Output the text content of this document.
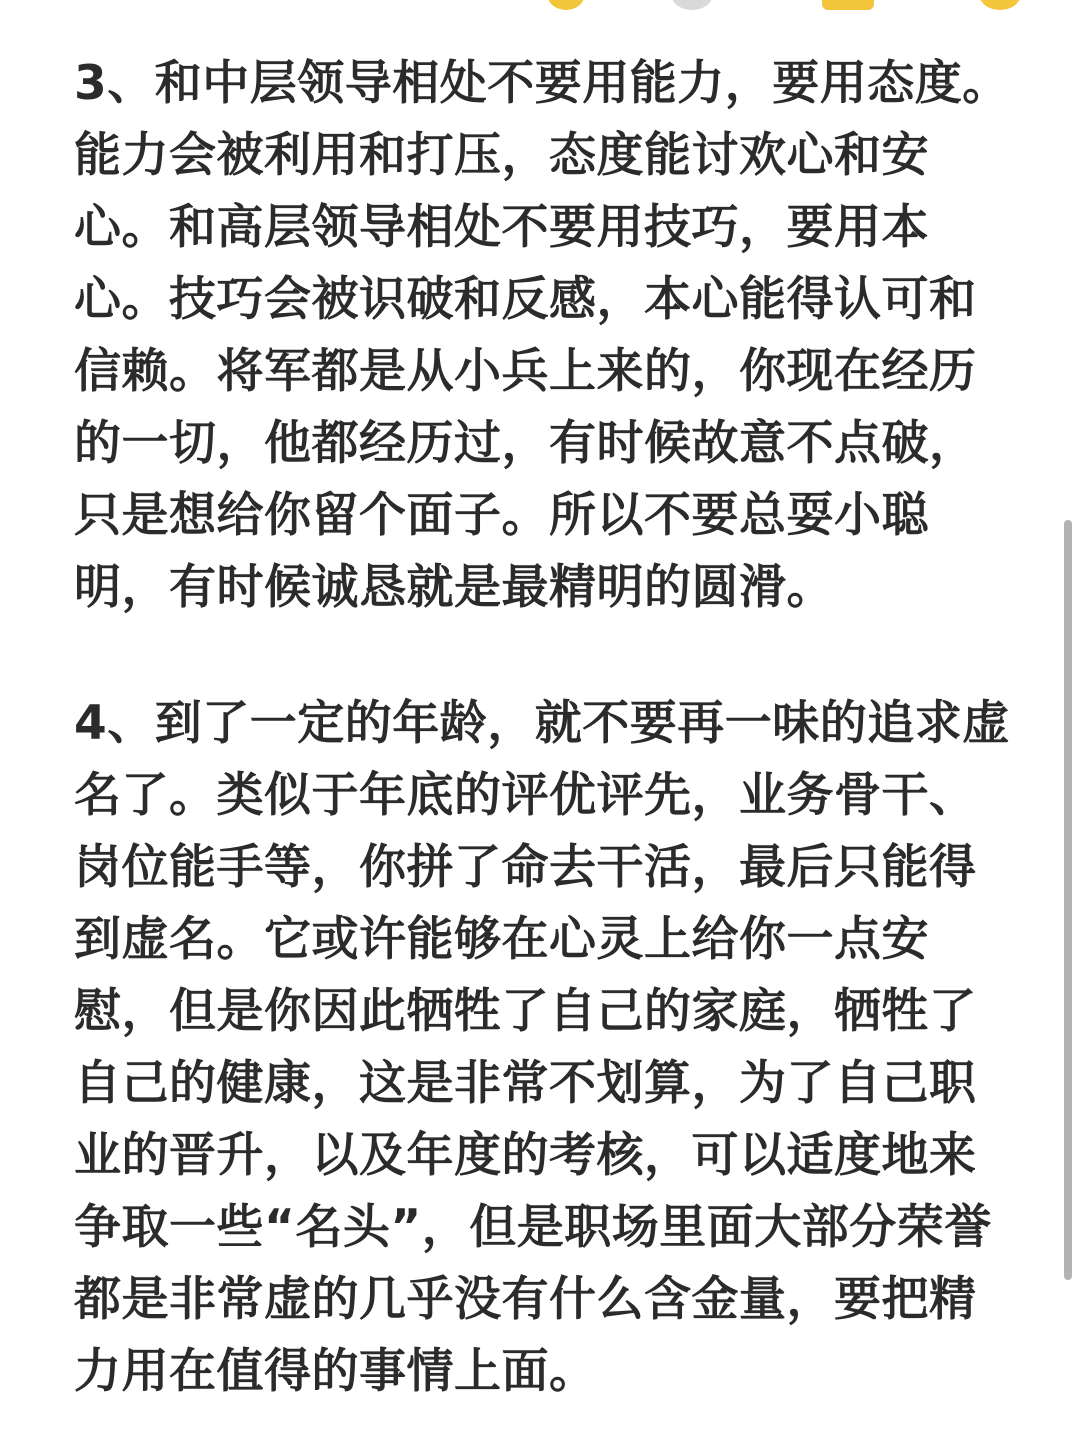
3、和中层领导相处不要用能力，要用态度。
能力会被利用和打压，态度能讨欢心和安
心。和高层领导相处不要用技巧，要用本
心。技巧会被识破和反感，本心能得认可和
信赖。将军都是从小兵上来的，你现在经历
的一切，他都经历过，有时候故意不点破，
只是想给你留个面子。所以不要总耍小聪
明，有时候诚恳就是最精明的圆滑。
4、到了一定的年龄，就不要再一味的追求虚
名了。类似于年底的评优评先，业务骨干、
岗位能手等，你拼了命去干活，最后只能得
到虚名。它或许能够在心灵上给你一点安
慰，但是你因此牺牲了自己的家庭，牺牲了
自己的健康，这是非常不划算，为了自己职
业的晋升，以及年度的考核，可以适度地来
争取一些“名头”，但是职场里面大部分荣誉
都是非常虚的几乎没有什么含金量，要把精
力用在值得的事情上面。
